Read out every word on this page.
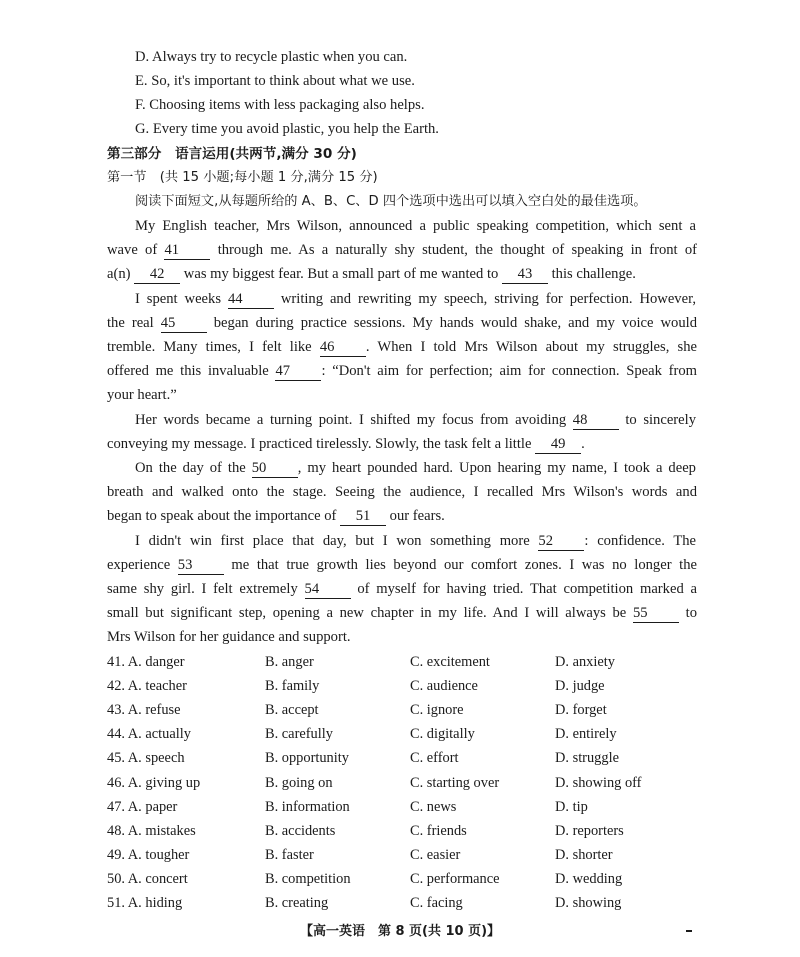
D. Always try to recycle plastic when you can.
E. So, it's important to think about what we use.
F. Choosing items with less packaging also helps.
G. Every time you avoid plastic, you help the Earth.
第三部分　语言运用(共两节,满分 30 分)
第一节　(共 15 小题;每小题 1 分,满分 15 分)
阅读下面短文,从每题所给的 A、B、C、D 四个选项中选出可以填入空白处的最佳选项。
My English teacher, Mrs Wilson, announced a public speaking competition, which sent a
wave of 41 through me. As a naturally shy student, the thought of speaking in front of
a(n) 42 was my biggest fear. But a small part of me wanted to 43 this challenge.
I spent weeks 44 writing and rewriting my speech, striving for perfection. However,
the real 45 began during practice sessions. My hands would shake, and my voice would
tremble. Many times, I felt like 46 . When I told Mrs Wilson about my struggles, she
offered me this invaluable 47 : “Don't aim for perfection; aim for connection. Speak from
your heart.”
Her words became a turning point. I shifted my focus from avoiding 48 to sincerely
conveying my message. I practiced tirelessly. Slowly, the task felt a little 49 .
On the day of the 50 , my heart pounded hard. Upon hearing my name, I took a deep
breath and walked onto the stage. Seeing the audience, I recalled Mrs Wilson's words and
began to speak about the importance of 51 our fears.
I didn't win first place that day, but I won something more 52 : confidence. The
experience 53 me that true growth lies beyond our comfort zones. I was no longer the
same shy girl. I felt extremely 54 of myself for having tried. That competition marked a
small but significant step, opening a new chapter in my life. And I will always be 55 to
Mrs Wilson for her guidance and support.
41. A. danger	B. anger	C. excitement	D. anxiety
42. A. teacher	B. family	C. audience	D. judge
43. A. refuse	B. accept	C. ignore	D. forget
44. A. actually	B. carefully	C. digitally	D. entirely
45. A. speech	B. opportunity	C. effort	D. struggle
46. A. giving up	B. going on	C. starting over	D. showing off
47. A. paper	B. information	C. news	D. tip
48. A. mistakes	B. accidents	C. friends	D. reporters
49. A. tougher	B. faster	C. easier	D. shorter
50. A. concert	B. competition	C. performance	D. wedding
51. A. hiding	B. creating	C. facing	D. showing
【高一英语　第 8 页(共 10 页)】
